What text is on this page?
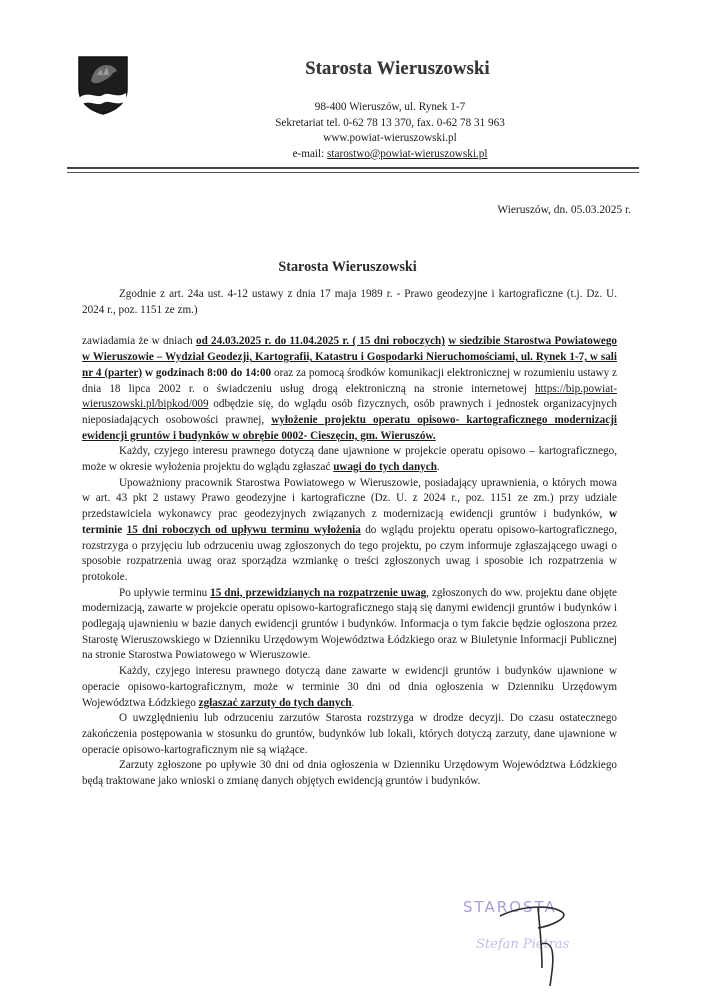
Starosta Wieruszowski
98-400 Wieruszów, ul. Rynek 1-7
Sekretariat tel. 0-62 78 13 370, fax. 0-62 78 31 963
www.powiat-wieruszowski.pl
e-mail: starostwo@powiat-wieruszowski.pl
Wieruszów, dn. 05.03.2025 r.
Starosta Wieruszowski

Zgodnie z art. 24a ust. 4-12 ustawy z dnia 17 maja 1989 r. - Prawo geodezyjne i kartograficzne (t.j. Dz. U. 2024 r., poz. 1151 ze zm.)

zawiadamia że w dniach od 24.03.2025 r. do 11.04.2025 r. ( 15 dni roboczych) w siedzibie Starostwa Powiatowego w Wieruszowie – Wydział Geodezji, Kartografii, Katastru i Gospodarki Nieruchomościami, ul. Rynek 1-7, w sali nr 4 (parter) w godzinach 8:00 do 14:00 oraz za pomocą środków komunikacji elektronicznej w rozumieniu ustawy z dnia 18 lipca 2002 r. o świadczeniu usług drogą elektroniczną na stronie internetowej https://bip.powiat-wieruszowski.pl/bipkod/009 odbędzie się, do wglądu osób fizycznych, osób prawnych i jednostek organizacyjnych nieposiadających osobowości prawnej, wyłożenie projektu operatu opisowo- kartograficznego modernizacji ewidencji gruntów i budynków w obrębie 0002- Cieszęcin, gm. Wieruszów.

Każdy, czyjego interesu prawnego dotyczą dane ujawnione w projekcie operatu opisowo – kartograficznego, może w okresie wyłożenia projektu do wglądu zgłaszać uwagi do tych danych.

Upoważniony pracownik Starostwa Powiatowego w Wieruszowie, posiadający uprawnienia, o których mowa w art. 43 pkt 2 ustawy Prawo geodezyjne i kartograficzne (Dz. U. z 2024 r., poz. 1151 ze zm.) przy udziale przedstawiciela wykonawcy prac geodezyjnych związanych z modernizacją ewidencji gruntów i budynków, w terminie 15 dni roboczych od upływu terminu wyłożenia do wglądu projektu operatu opisowo-kartograficznego, rozstrzyga o przyjęciu lub odrzuceniu uwag zgłoszonych do tego projektu, po czym informuje zgłaszającego uwagi o sposobie rozpatrzenia uwag oraz sporządza wzmiankę o treści zgłoszonych uwag i sposobie ich rozpatrzenia w protokole.

Po upływie terminu 15 dni, przewidzianych na rozpatrzenie uwag, zgłoszonych do ww. projektu dane objęte modernizacją, zawarte w projekcie operatu opisowo-kartograficznego stają się danymi ewidencji gruntów i budynków i podlegają ujawnieniu w bazie danych ewidencji gruntów i budynków. Informacja o tym fakcie będzie ogłoszona przez Starostę Wieruszowskiego w Dzienniku Urzędowym Województwa Łódzkiego oraz w Biuletynie Informacji Publicznej na stronie Starostwa Powiatowego w Wieruszowie.

Każdy, czyjego interesu prawnego dotyczą dane zawarte w ewidencji gruntów i budynków ujawnione w operacie opisowo-kartograficznym, może w terminie 30 dni od dnia ogłoszenia w Dzienniku Urzędowym Województwa Łódzkiego zgłaszać zarzuty do tych danych.

O uwzględnieniu lub odrzuceniu zarzutów Starosta rozstrzyga w drodze decyzji. Do czasu ostatecznego zakończenia postępowania w stosunku do gruntów, budynków lub lokali, których dotyczą zarzuty, dane ujawnione w operacie opisowo-kartograficznym nie są wiążące.

Zarzuty zgłoszone po upływie 30 dni od dnia ogłoszenia w Dzienniku Urzędowym Województwa Łódzkiego będą traktowane jako wnioski o zmianę danych objętych ewidencją gruntów i budynków.

STAROSTA
Stefan Pietras
